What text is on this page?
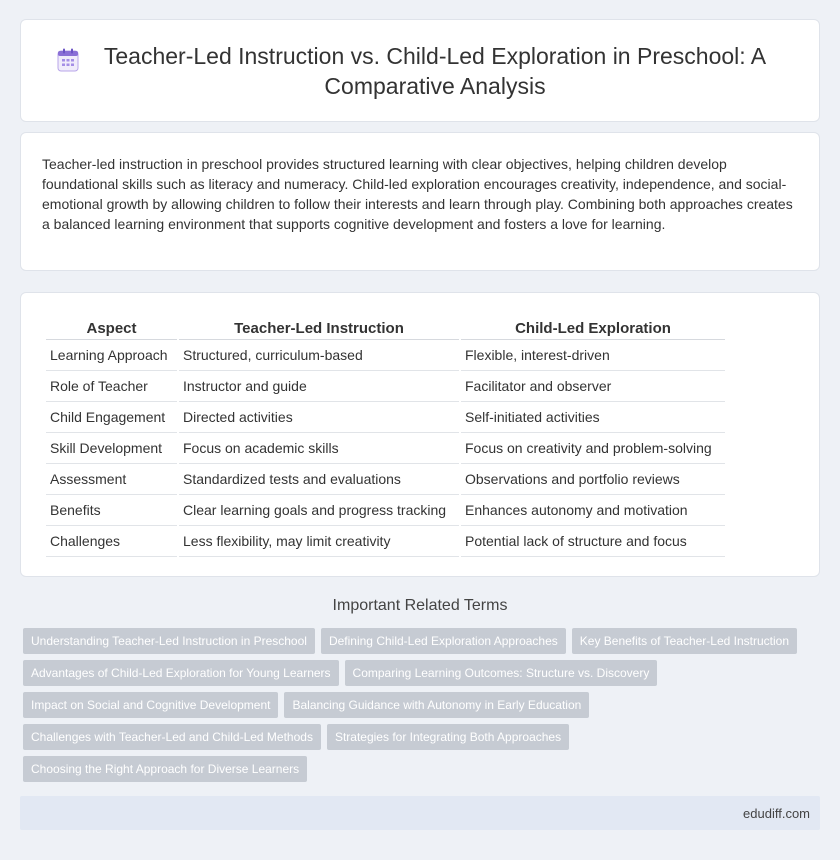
Teacher-Led Instruction vs. Child-Led Exploration in Preschool: A Comparative Analysis

Teacher-led instruction in preschool provides structured learning with clear objectives, helping children develop foundational skills such as literacy and numeracy. Child-led exploration encourages creativity, independence, and social-emotional growth by allowing children to follow their interests and learn through play. Combining both approaches creates a balanced learning environment that supports cognitive development and fosters a love for learning.

Aspect	Teacher-Led Instruction	Child-Led Exploration
Learning Approach	Structured, curriculum-based	Flexible, interest-driven
Role of Teacher	Instructor and guide	Facilitator and observer
Child Engagement	Directed activities	Self-initiated activities
Skill Development	Focus on academic skills	Focus on creativity and problem-solving
Assessment	Standardized tests and evaluations	Observations and portfolio reviews
Benefits	Clear learning goals and progress tracking	Enhances autonomy and motivation
Challenges	Less flexibility, may limit creativity	Potential lack of structure and focus
Important Related Terms
Understanding Teacher-Led Instruction in Preschool	Defining Child-Led Exploration Approaches	Key Benefits of Teacher-Led Instruction
Advantages of Child-Led Exploration for Young Learners	Comparing Learning Outcomes: Structure vs. Discovery
Impact on Social and Cognitive Development	Balancing Guidance with Autonomy in Early Education
Challenges with Teacher-Led and Child-Led Methods	Strategies for Integrating Both Approaches
Choosing the Right Approach for Diverse Learners
edudiff.com
